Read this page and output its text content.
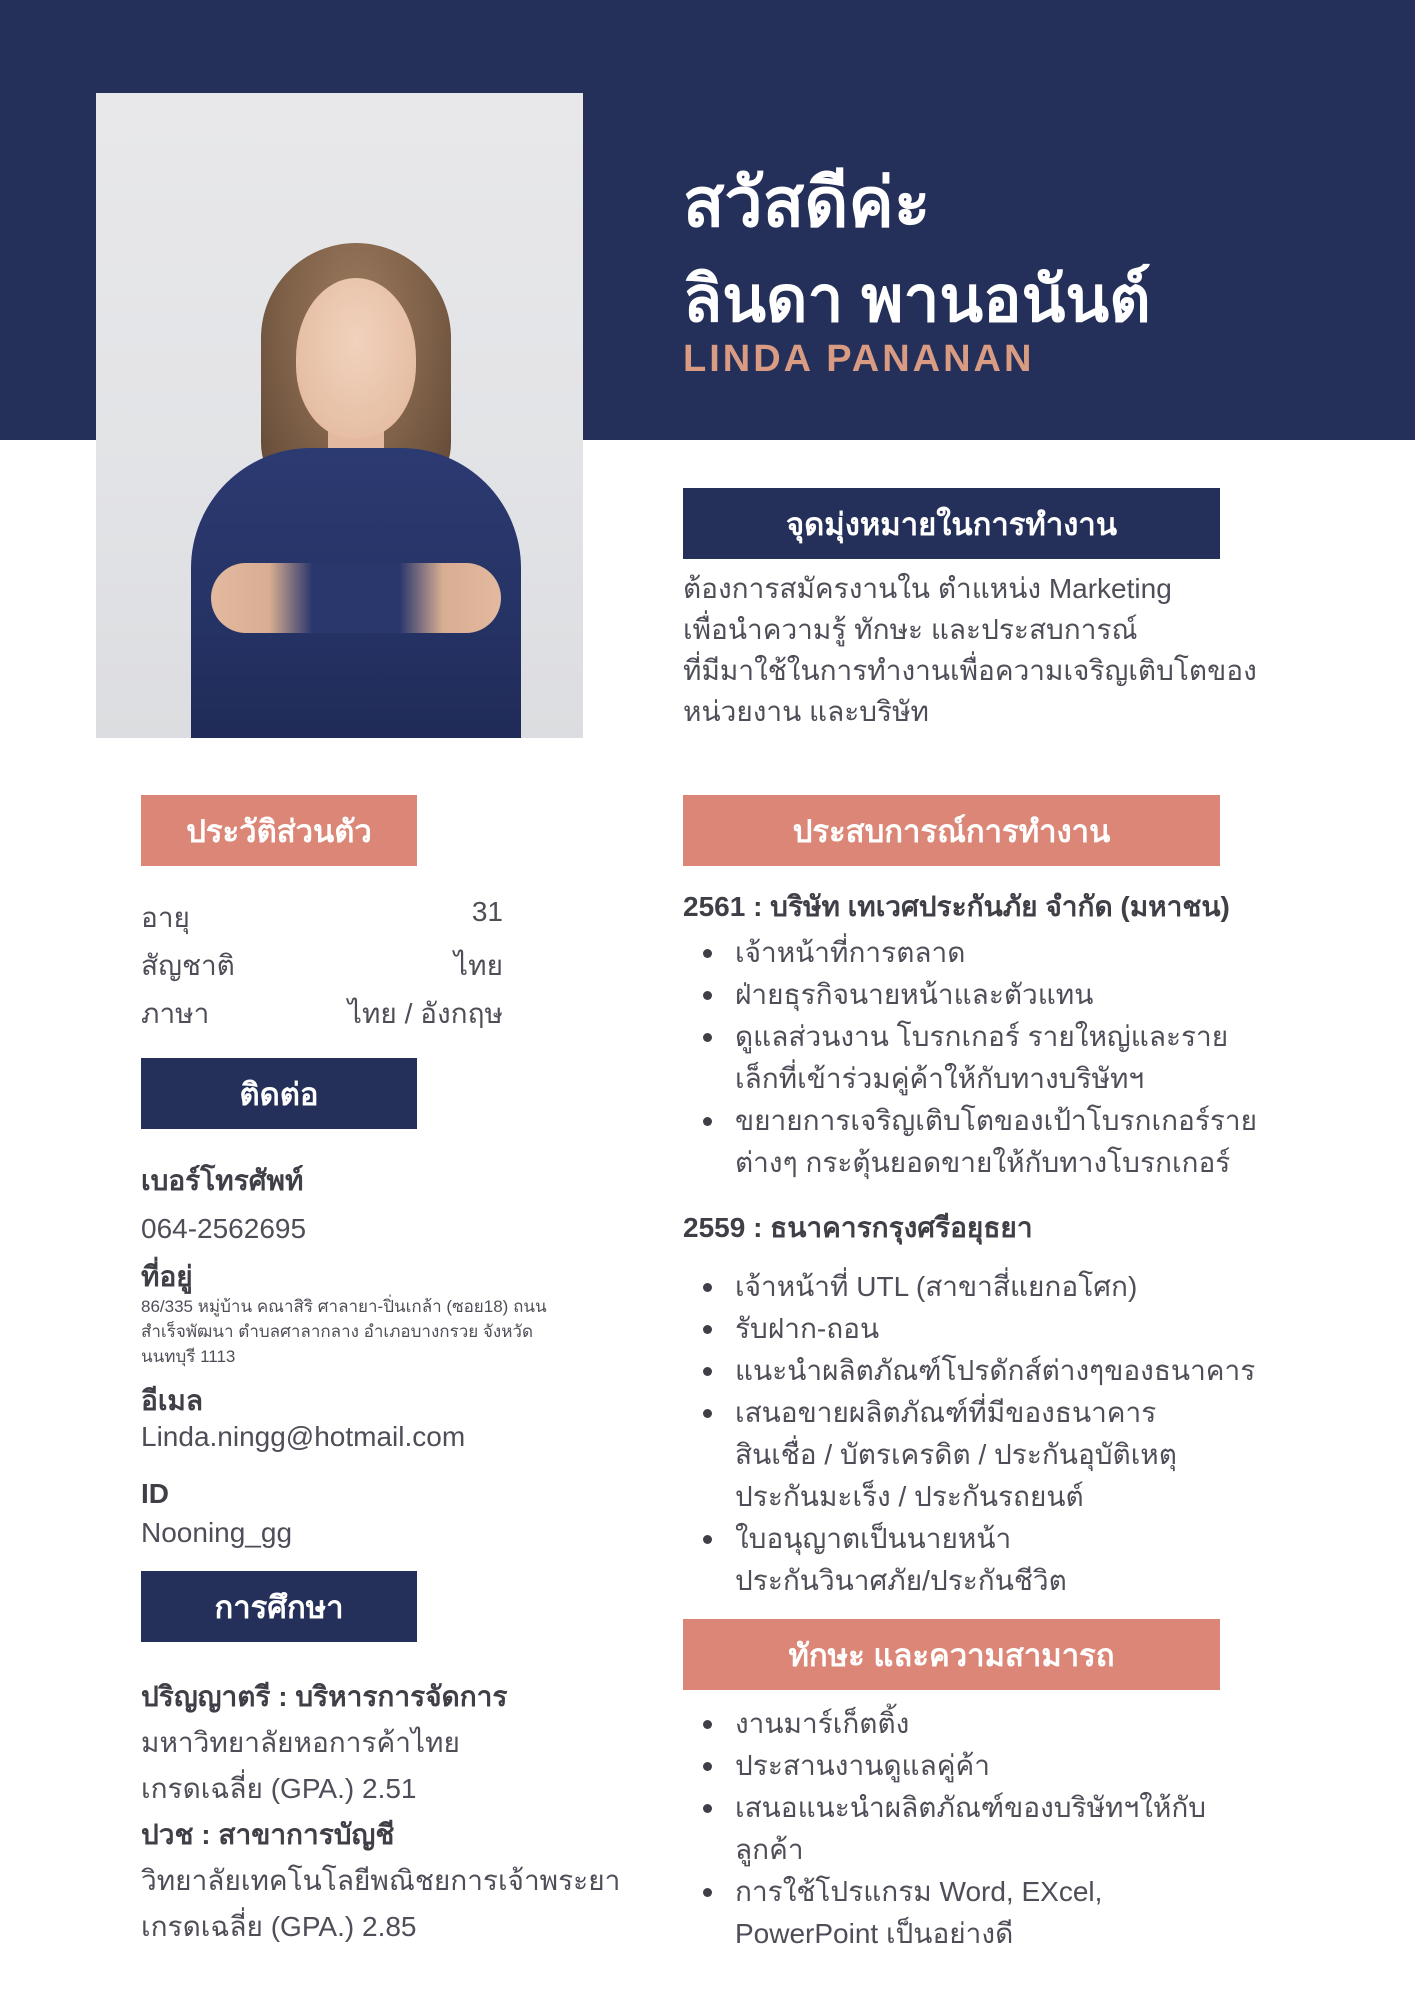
สวัสดีค่ะ
ลินดา พานอนันต์
LINDA PANANAN
จุดมุ่งหมายในการทำงาน
ต้องการสมัครงานใน ตำแหน่ง Marketing
เพื่อนำความรู้ ทักษะ และประสบการณ์
ที่มีมาใช้ในการทำงานเพื่อความเจริญเติบโตของ
หน่วยงาน และบริษัท
ประวัติส่วนตัว
อายุ	31
สัญชาติ	ไทย
ภาษา	ไทย / อังกฤษ
ติดต่อ
เบอร์โทรศัพท์
064-2562695
ที่อยู่
86/335 หมู่บ้าน คณาสิริ ศาลายา-ปิ่นเกล้า (ซอย18) ถนน
สำเร็จพัฒนา ตำบลศาลากลาง อำเภอบางกรวย จังหวัด
นนทบุรี 1113
อีเมล
Linda.ningg@hotmail.com
ID
Nooning_gg
การศึกษา
ปริญญาตรี : บริหารการจัดการ
มหาวิทยาลัยหอการค้าไทย
เกรดเฉลี่ย (GPA.) 2.51
ปวช : สาขาการบัญชี
วิทยาลัยเทคโนโลยีพณิชยการเจ้าพระยา
เกรดเฉลี่ย (GPA.) 2.85
ประสบการณ์การทำงาน
2561 : บริษัท เทเวศประกันภัย จำกัด (มหาชน)
เจ้าหน้าที่การตลาด
ฝ่ายธุรกิจนายหน้าและตัวแทน
ดูแลส่วนงาน โบรกเกอร์ รายใหญ่และราย
เล็กที่เข้าร่วมคู่ค้าให้กับทางบริษัทฯ
ขยายการเจริญเติบโตของเป้าโบรกเกอร์ราย
ต่างๆ กระตุ้นยอดขายให้กับทางโบรกเกอร์
2559 : ธนาคารกรุงศรีอยุธยา
เจ้าหน้าที่ UTL (สาขาสี่แยกอโศก)
รับฝาก-ถอน
แนะนำผลิตภัณฑ์โปรดักส์ต่างๆของธนาคาร
เสนอขายผลิตภัณฑ์ที่มีของธนาคาร
สินเชื่อ / บัตรเครดิต / ประกันอุบัติเหตุ
ประกันมะเร็ง / ประกันรถยนต์
ใบอนุญาตเป็นนายหน้า
ประกันวินาศภัย/ประกันชีวิต
ทักษะ และความสามารถ
งานมาร์เก็ตติ้ง
ประสานงานดูแลคู่ค้า
เสนอแนะนำผลิตภัณฑ์ของบริษัทฯให้กับ
ลูกค้า
การใช้โปรแกรม Word, EXcel,
PowerPoint เป็นอย่างดี
